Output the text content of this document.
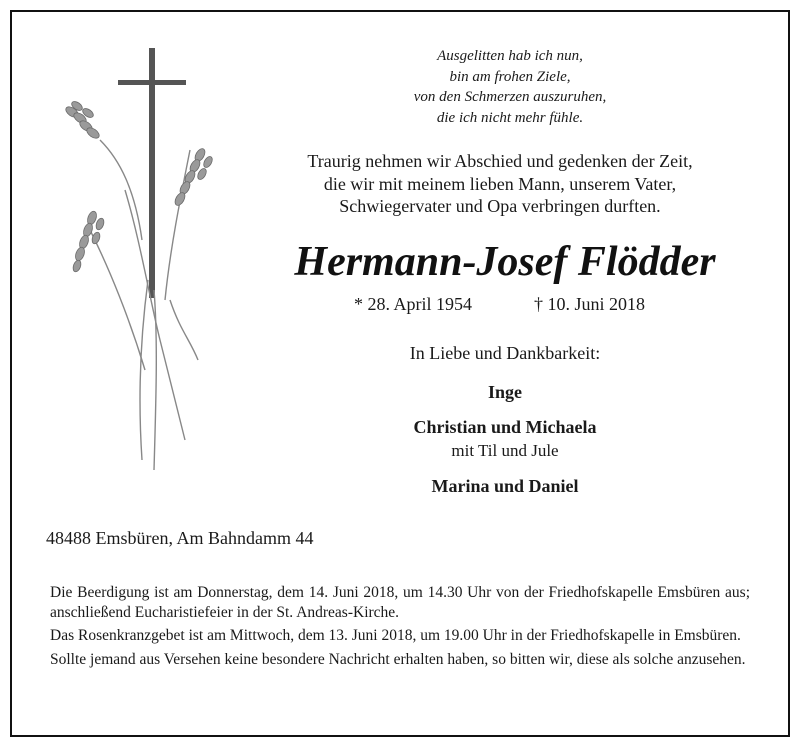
Ausgelitten hab ich nun,
bin am frohen Ziele,
von den Schmerzen auszuruhen,
die ich nicht mehr fühle.
Traurig nehmen wir Abschied und gedenken der Zeit,
die wir mit meinem lieben Mann, unserem Vater,
Schwiegervater und Opa verbringen durften.
Hermann-Josef Flödder
* 28. April 1954	† 10. Juni 2018
In Liebe und Dankbarkeit:
Inge
Christian und Michaela
mit Til und Jule
Marina und Daniel
48488 Emsbüren, Am Bahndamm 44

Die Beerdigung ist am Donnerstag, dem 14. Juni 2018, um 14.30 Uhr von der Friedhofskapelle Emsbüren aus; anschließend Eucharistiefeier in der St. Andreas-Kirche.

Das Rosenkranzgebet ist am Mittwoch, dem 13. Juni 2018, um 19.00 Uhr in der Friedhofskapelle in Emsbüren.

Sollte jemand aus Versehen keine besondere Nachricht erhalten haben, so bitten wir, diese als solche anzusehen.
